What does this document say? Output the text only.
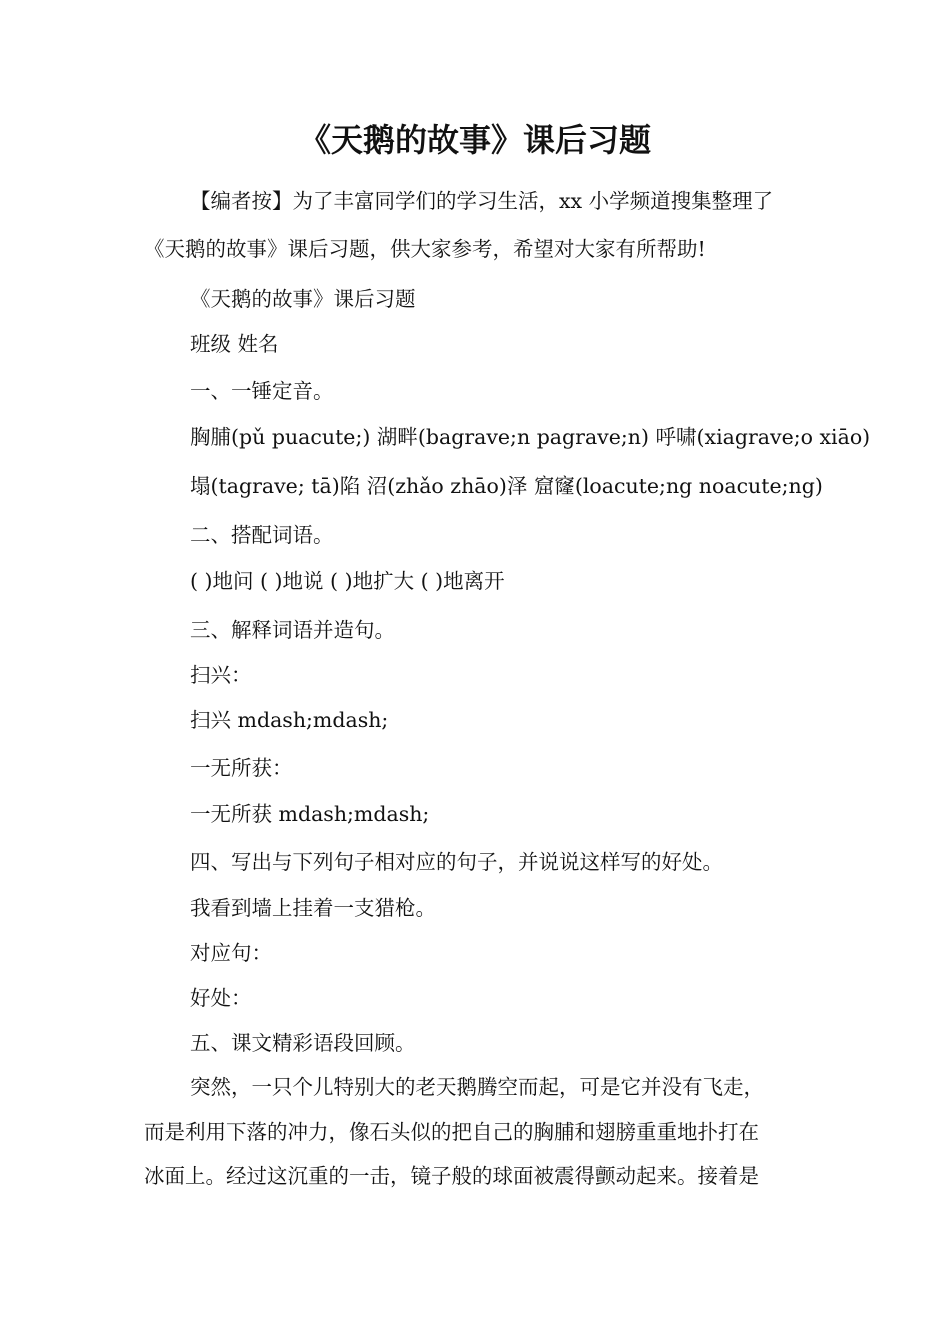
《天鹅的故事》课后习题
【编者按】为了丰富同学们的学习生活，xx 小学频道搜集整理了
《天鹅的故事》课后习题，供大家参考，希望对大家有所帮助!
《天鹅的故事》课后习题
班级 姓名
一、一锤定音。
胸脯(pǔ puacute;) 湖畔(bagrave;n pagrave;n) 呼啸(xiagrave;o xiāo)
塌(tagrave; tā)陷 沼(zhǎo zhāo)泽 窟窿(loacute;ng noacute;ng)
二、搭配词语。
( )地问 ( )地说 ( )地扩大 ( )地离开
三、解释词语并造句。
扫兴：
扫兴 mdash;mdash;
一无所获：
一无所获 mdash;mdash;
四、写出与下列句子相对应的句子，并说说这样写的好处。
我看到墙上挂着一支猎枪。
对应句：
好处：
五、课文精彩语段回顾。
突然，一只个儿特别大的老天鹅腾空而起，可是它并没有飞走，
而是利用下落的冲力，像石头似的把自己的胸脯和翅膀重重地扑打在
冰面上。经过这沉重的一击，镜子般的球面被震得颤动起来。接着是
